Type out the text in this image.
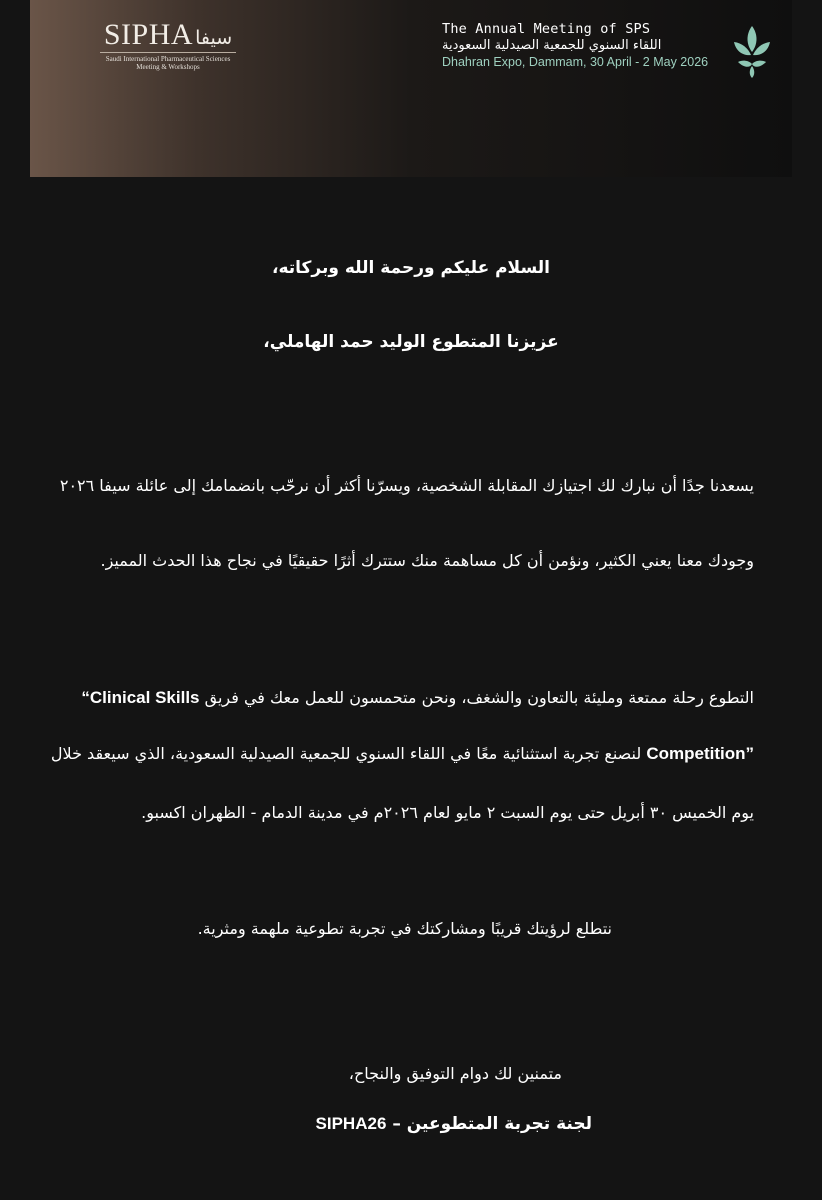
SIPHA سيفا
Saudi International Pharmaceutical Sciences
Meeting & Workshops
The Annual Meeting of SPS
اللقاء السنوي للجمعية الصيدلية السعودية
Dhahran Expo, Dammam, 30 April - 2 May 2026

السلام عليكم ورحمة الله وبركاته،

عزيزنا المتطوع الوليد حمد الهاملي،

يسعدنا جدًا أن نبارك لك اجتيازك المقابلة الشخصية، ويسرّنا أكثر أن نرحّب بانضمامك إلى عائلة سيفا ٢٠٢٦

وجودك معنا يعني الكثير، ونؤمن أن كل مساهمة منك ستترك أثرًا حقيقيًا في نجاح هذا الحدث المميز.

التطوع رحلة ممتعة ومليئة بالتعاون والشغف، ونحن متحمسون للعمل معك في فريق “Clinical Skills

Competition” لنصنع تجربة استثنائية معًا في اللقاء السنوي للجمعية الصيدلية السعودية، الذي سيعقد خلال

يوم الخميس ٣٠ أبريل حتى يوم السبت ٢ مايو لعام ٢٠٢٦م في مدينة الدمام - الظهران اكسبو.

نتطلع لرؤيتك قريبًا ومشاركتك في تجربة تطوعية ملهمة ومثرية.

متمنين لك دوام التوفيق والنجاح،

لجنة تجربة المتطوعين – SIPHA26
